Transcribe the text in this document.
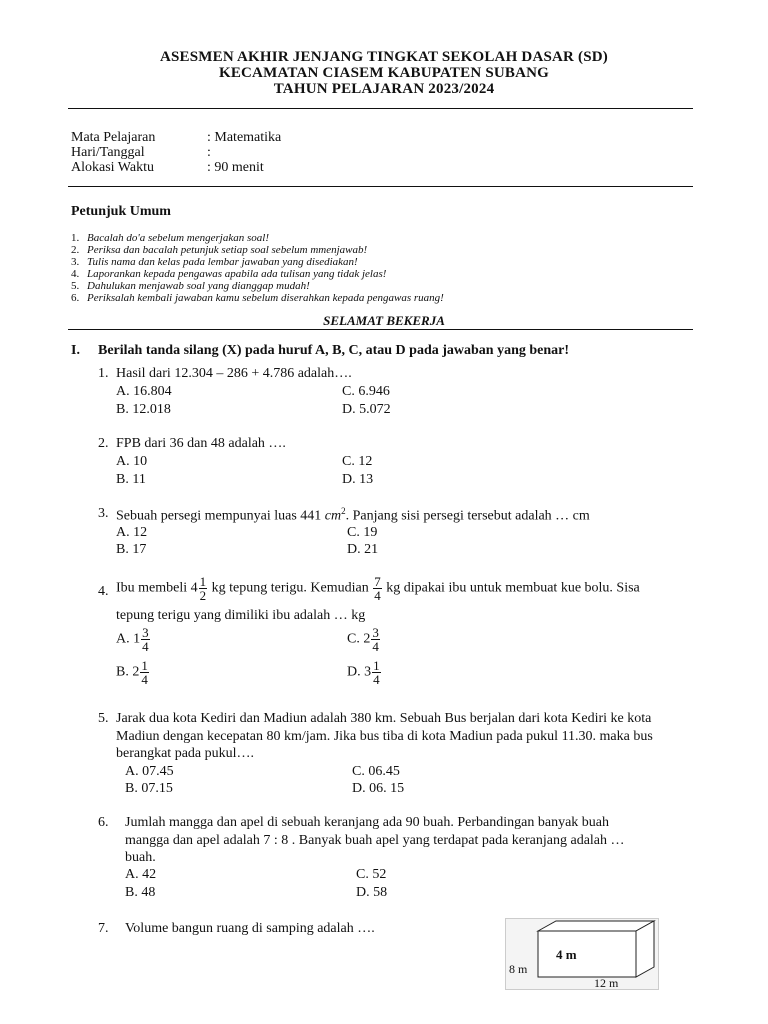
ASESMEN AKHIR JENJANG TINGKAT SEKOLAH DASAR (SD)
KECAMATAN CIASEM KABUPATEN SUBANG
TAHUN PELAJARAN 2023/2024
Mata Pelajaran	: Matematika
Hari/Tanggal	:
Alokasi Waktu	: 90 menit
Petunjuk Umum
1. Bacalah do'a sebelum mengerjakan soal!
2. Periksa dan bacalah petunjuk setiap soal sebelum mmenjawab!
3. Tulis nama dan kelas pada lembar jawaban yang disediakan!
4. Laporankan kepada pengawas apabila ada tulisan yang tidak jelas!
5. Dahulukan menjawab soal yang dianggap mudah!
6. Periksalah kembali jawaban kamu sebelum diserahkan kepada pengawas ruang!
SELAMAT BEKERJA
I. Berilah tanda silang (X) pada huruf A, B, C, atau D pada jawaban yang benar!
1. Hasil dari 12.304 – 286 + 4.786 adalah….
A. 16.804	C. 6.946
B. 12.018	D. 5.072
2. FPB dari 36 dan 48 adalah ….
A. 10	C. 12
B. 11	D. 13
3. Sebuah persegi mempunyai luas 441 $cm^2$. Panjang sisi persegi tersebut adalah … cm
A. 12	C. 19
B. 17	D. 21
4. Ibu membeli $4 \frac{1}{2}$ kg tepung terigu. Kemudian $\frac{7}{4}$ kg dipakai ibu untuk membuat kue bolu. Sisa
tepung terigu yang dimiliki ibu adalah … kg
A. $1 \frac{3}{4}$	C. $2 \frac{3}{4}$
B. $2 \frac{1}{4}$	D. $3 \frac{1}{4}$
5. Jarak dua kota Kediri dan Madiun adalah 380 km. Sebuah Bus berjalan dari kota Kediri ke kota
Madiun dengan kecepatan 80 km/jam. Jika bus tiba di kota Madiun pada pukul 11.30. maka bus
berangkat pada pukul….
A. 07.45	C. 06.45
B. 07.15	D. 06. 15
6. Jumlah mangga dan apel di sebuah keranjang ada 90 buah. Perbandingan banyak buah
mangga dan apel adalah 7 : 8 . Banyak buah apel yang terdapat pada keranjang adalah …
buah.
A. 42	C. 52
B. 48	D. 58
7. Volume bangun ruang di samping adalah ….
4 m
8 m
12 m
